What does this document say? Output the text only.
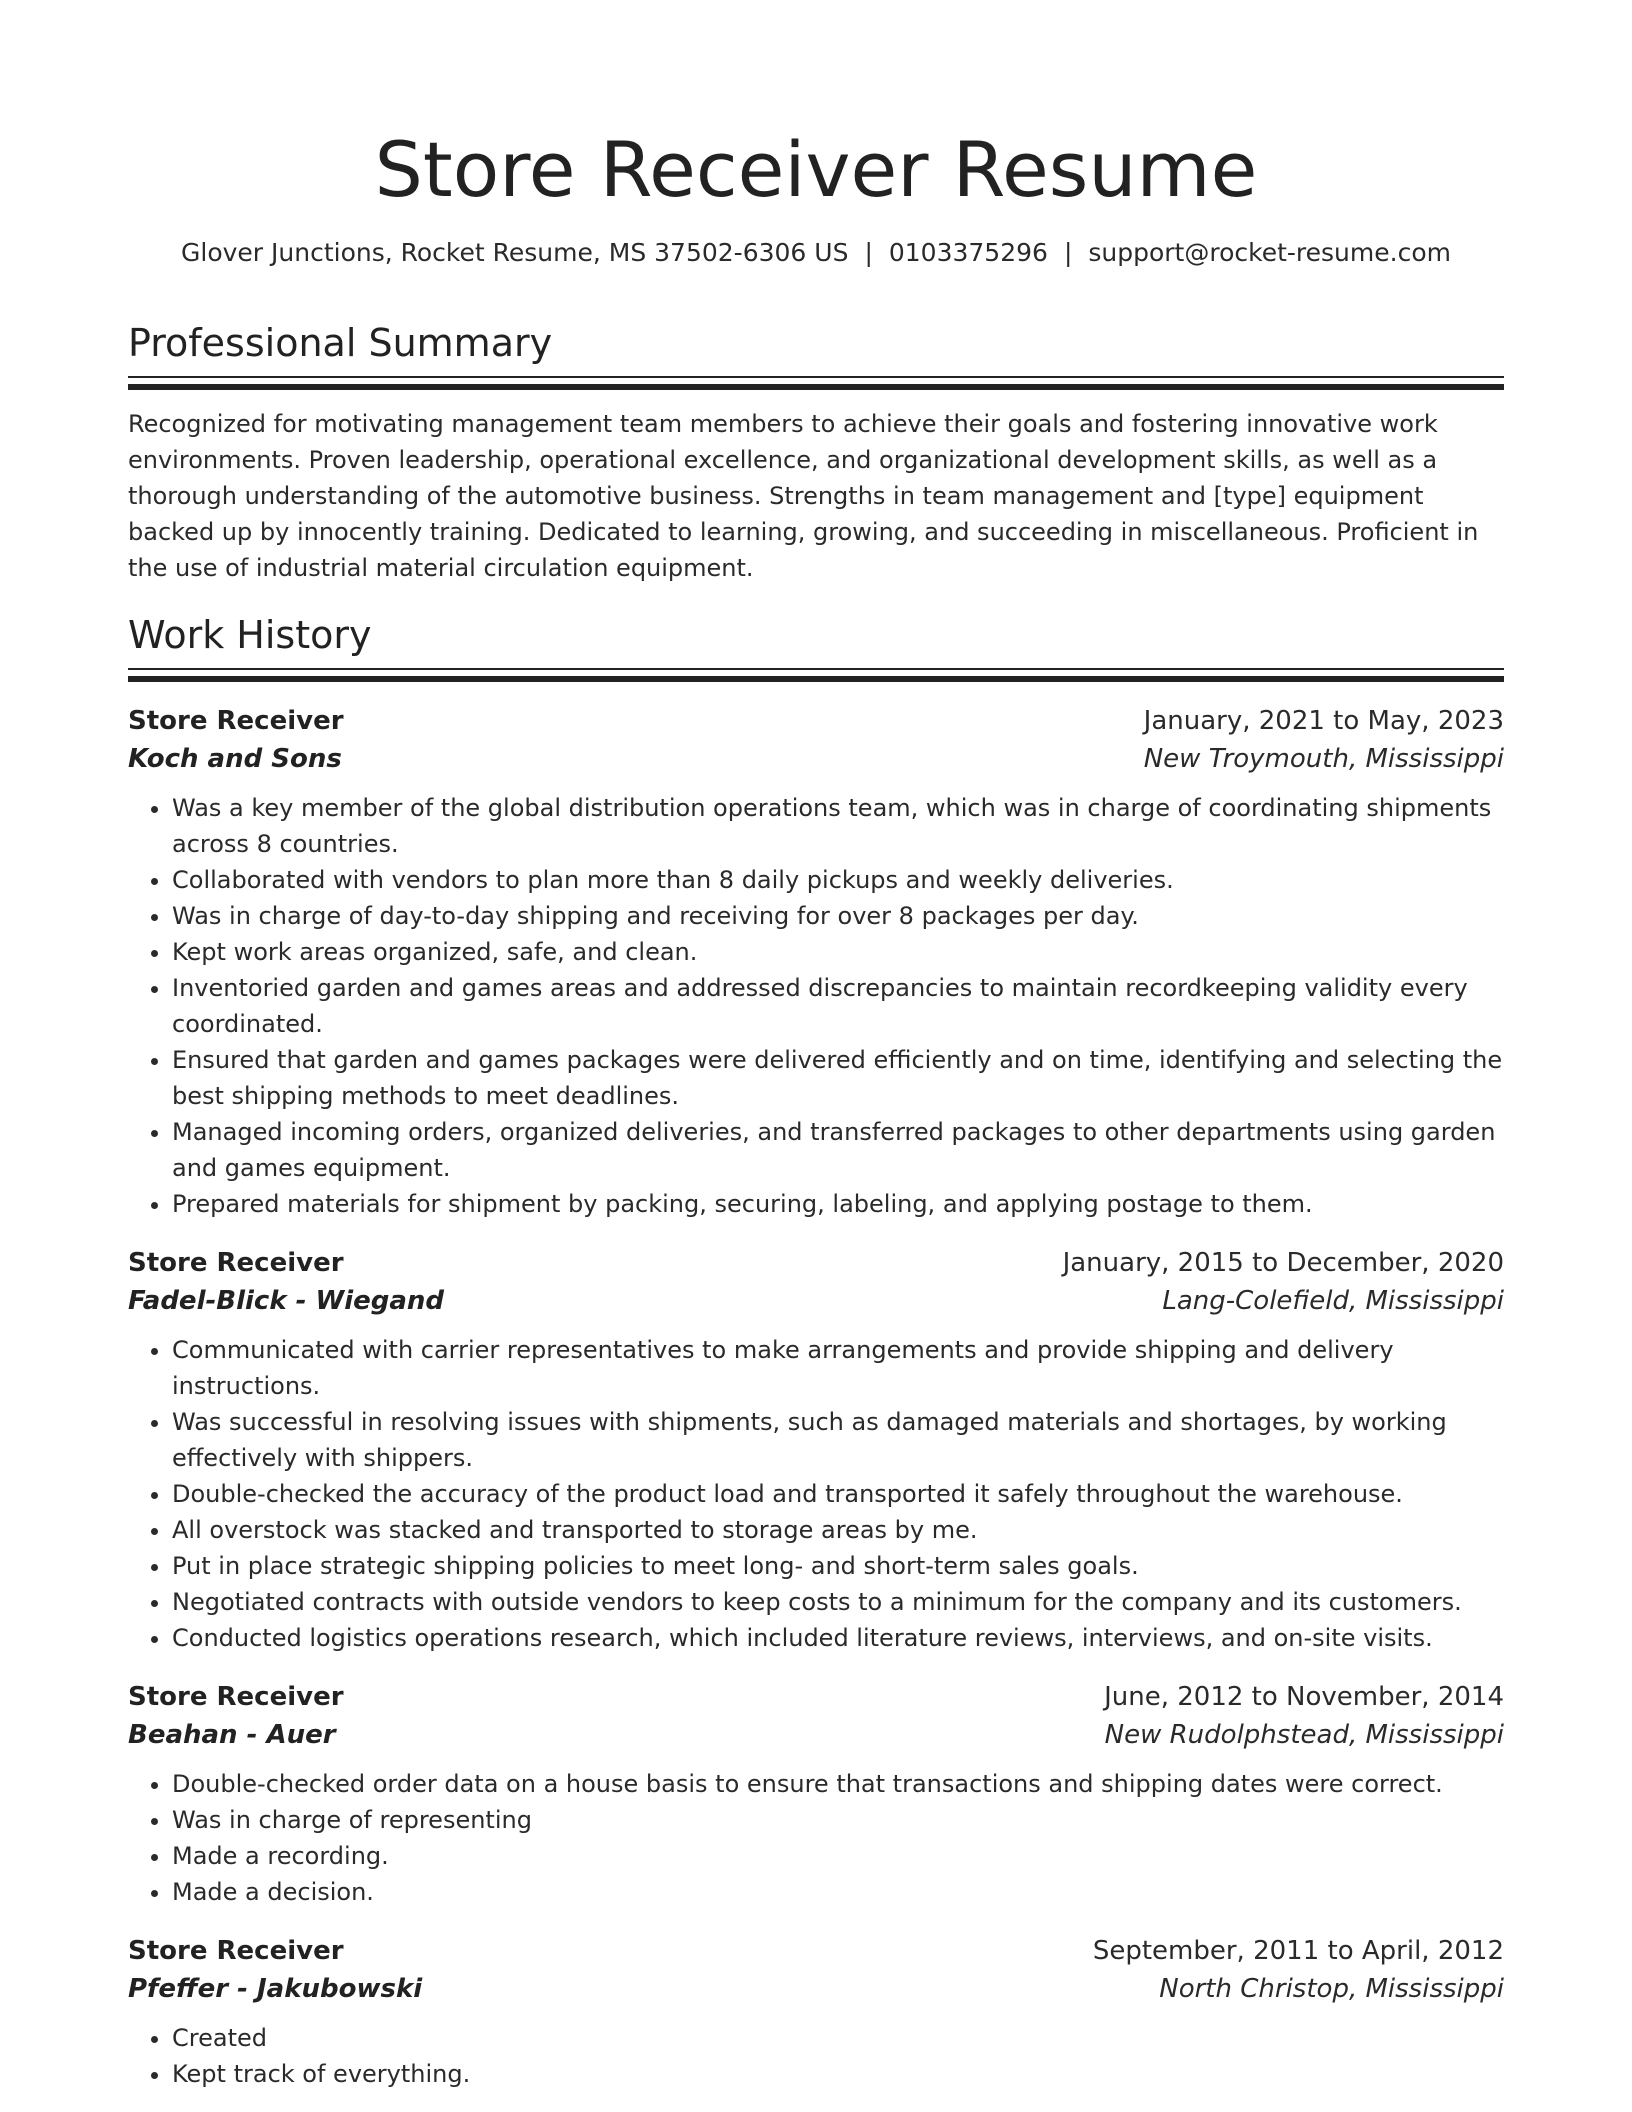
Store Receiver Resume
Glover Junctions, Rocket Resume, MS 37502-6306 US | 0103375296 | support@rocket-resume.com
Professional Summary
Recognized for motivating management team members to achieve their goals and fostering innovative work environments. Proven leadership, operational excellence, and organizational development skills, as well as a thorough understanding of the automotive business. Strengths in team management and [type] equipment backed up by innocently training. Dedicated to learning, growing, and succeeding in miscellaneous. Proficient in the use of industrial material circulation equipment.
Work History
Store Receiver	January, 2021 to May, 2023
Koch and Sons	New Troymouth, Mississippi
• Was a key member of the global distribution operations team, which was in charge of coordinating shipments across 8 countries.
• Collaborated with vendors to plan more than 8 daily pickups and weekly deliveries.
• Was in charge of day-to-day shipping and receiving for over 8 packages per day.
• Kept work areas organized, safe, and clean.
• Inventoried garden and games areas and addressed discrepancies to maintain recordkeeping validity every coordinated.
• Ensured that garden and games packages were delivered efficiently and on time, identifying and selecting the best shipping methods to meet deadlines.
• Managed incoming orders, organized deliveries, and transferred packages to other departments using garden and games equipment.
• Prepared materials for shipment by packing, securing, labeling, and applying postage to them.
Store Receiver	January, 2015 to December, 2020
Fadel-Blick - Wiegand	Lang-Colefield, Mississippi
• Communicated with carrier representatives to make arrangements and provide shipping and delivery instructions.
• Was successful in resolving issues with shipments, such as damaged materials and shortages, by working effectively with shippers.
• Double-checked the accuracy of the product load and transported it safely throughout the warehouse.
• All overstock was stacked and transported to storage areas by me.
• Put in place strategic shipping policies to meet long- and short-term sales goals.
• Negotiated contracts with outside vendors to keep costs to a minimum for the company and its customers.
• Conducted logistics operations research, which included literature reviews, interviews, and on-site visits.
Store Receiver	June, 2012 to November, 2014
Beahan - Auer	New Rudolphstead, Mississippi
• Double-checked order data on a house basis to ensure that transactions and shipping dates were correct.
• Was in charge of representing
• Made a recording.
• Made a decision.
Store Receiver	September, 2011 to April, 2012
Pfeffer - Jakubowski	North Christop, Mississippi
• Created
• Kept track of everything.
